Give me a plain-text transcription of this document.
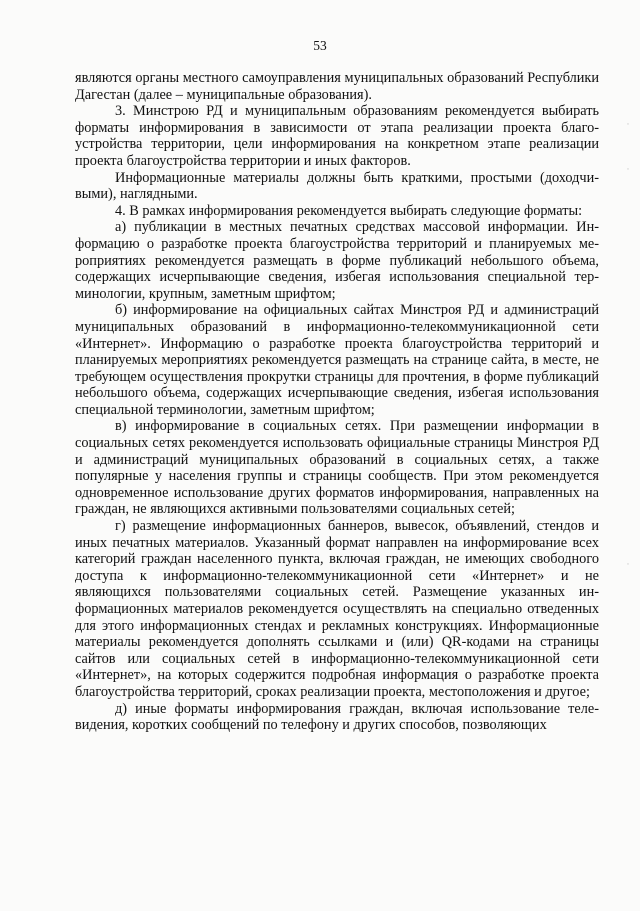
53

являются органы местного самоуправления муниципальных образований Республики Дагестан (далее – муниципальные образования).

3. Минстрою РД и муниципальным образованиям рекомендуется выбирать форматы информирования в зависимости от этапа реализации проекта благоустройства территории, цели информирования на конкретном этапе реализации проекта благоустройства территории и иных факторов.

Информационные материалы должны быть краткими, простыми (доходчивыми), наглядными.

4. В рамках информирования рекомендуется выбирать следующие форматы:

а) публикации в местных печатных средствах массовой информации. Информацию о разработке проекта благоустройства территорий и планируемых мероприятиях рекомендуется размещать в форме публикаций небольшого объема, содержащих исчерпывающие сведения, избегая использования специальной терминологии, крупным, заметным шрифтом;

б) информирование на официальных сайтах Минстроя РД и администраций муниципальных образований в информационно-телекоммуникационной сети «Интернет». Информацию о разработке проекта благоустройства территорий и планируемых мероприятиях рекомендуется размещать на странице сайта, в месте, не требующем осуществления прокрутки страницы для прочтения, в форме публикаций небольшого объема, содержащих исчерпывающие сведения, избегая использования специальной терминологии, заметным шрифтом;

в) информирование в социальных сетях. При размещении информации в социальных сетях рекомендуется использовать официальные страницы Минстроя РД и администраций муниципальных образований в социальных сетях, а также популярные у населения группы и страницы сообществ. При этом рекомендуется одновременное использование других форматов информирования, направленных на граждан, не являющихся активными пользователями социальных сетей;

г) размещение информационных баннеров, вывесок, объявлений, стендов и иных печатных материалов. Указанный формат направлен на информирование всех категорий граждан населенного пункта, включая граждан, не имеющих свободного доступа к информационно-телекоммуникационной сети «Интернет» и не являющихся пользователями социальных сетей. Размещение указанных информационных материалов рекомендуется осуществлять на специально отведенных для этого информационных стендах и рекламных конструкциях. Информационные материалы рекомендуется дополнять ссылками и (или) QR-кодами на страницы сайтов или социальных сетей в информационно-телекоммуникационной сети «Интернет», на которых содержится подробная информация о разработке проекта благоустройства территорий, сроках реализации проекта, местоположения и другое;

д) иные форматы информирования граждан, включая использование телевидения, коротких сообщений по телефону и других способов, позволяющих

·
·
·
